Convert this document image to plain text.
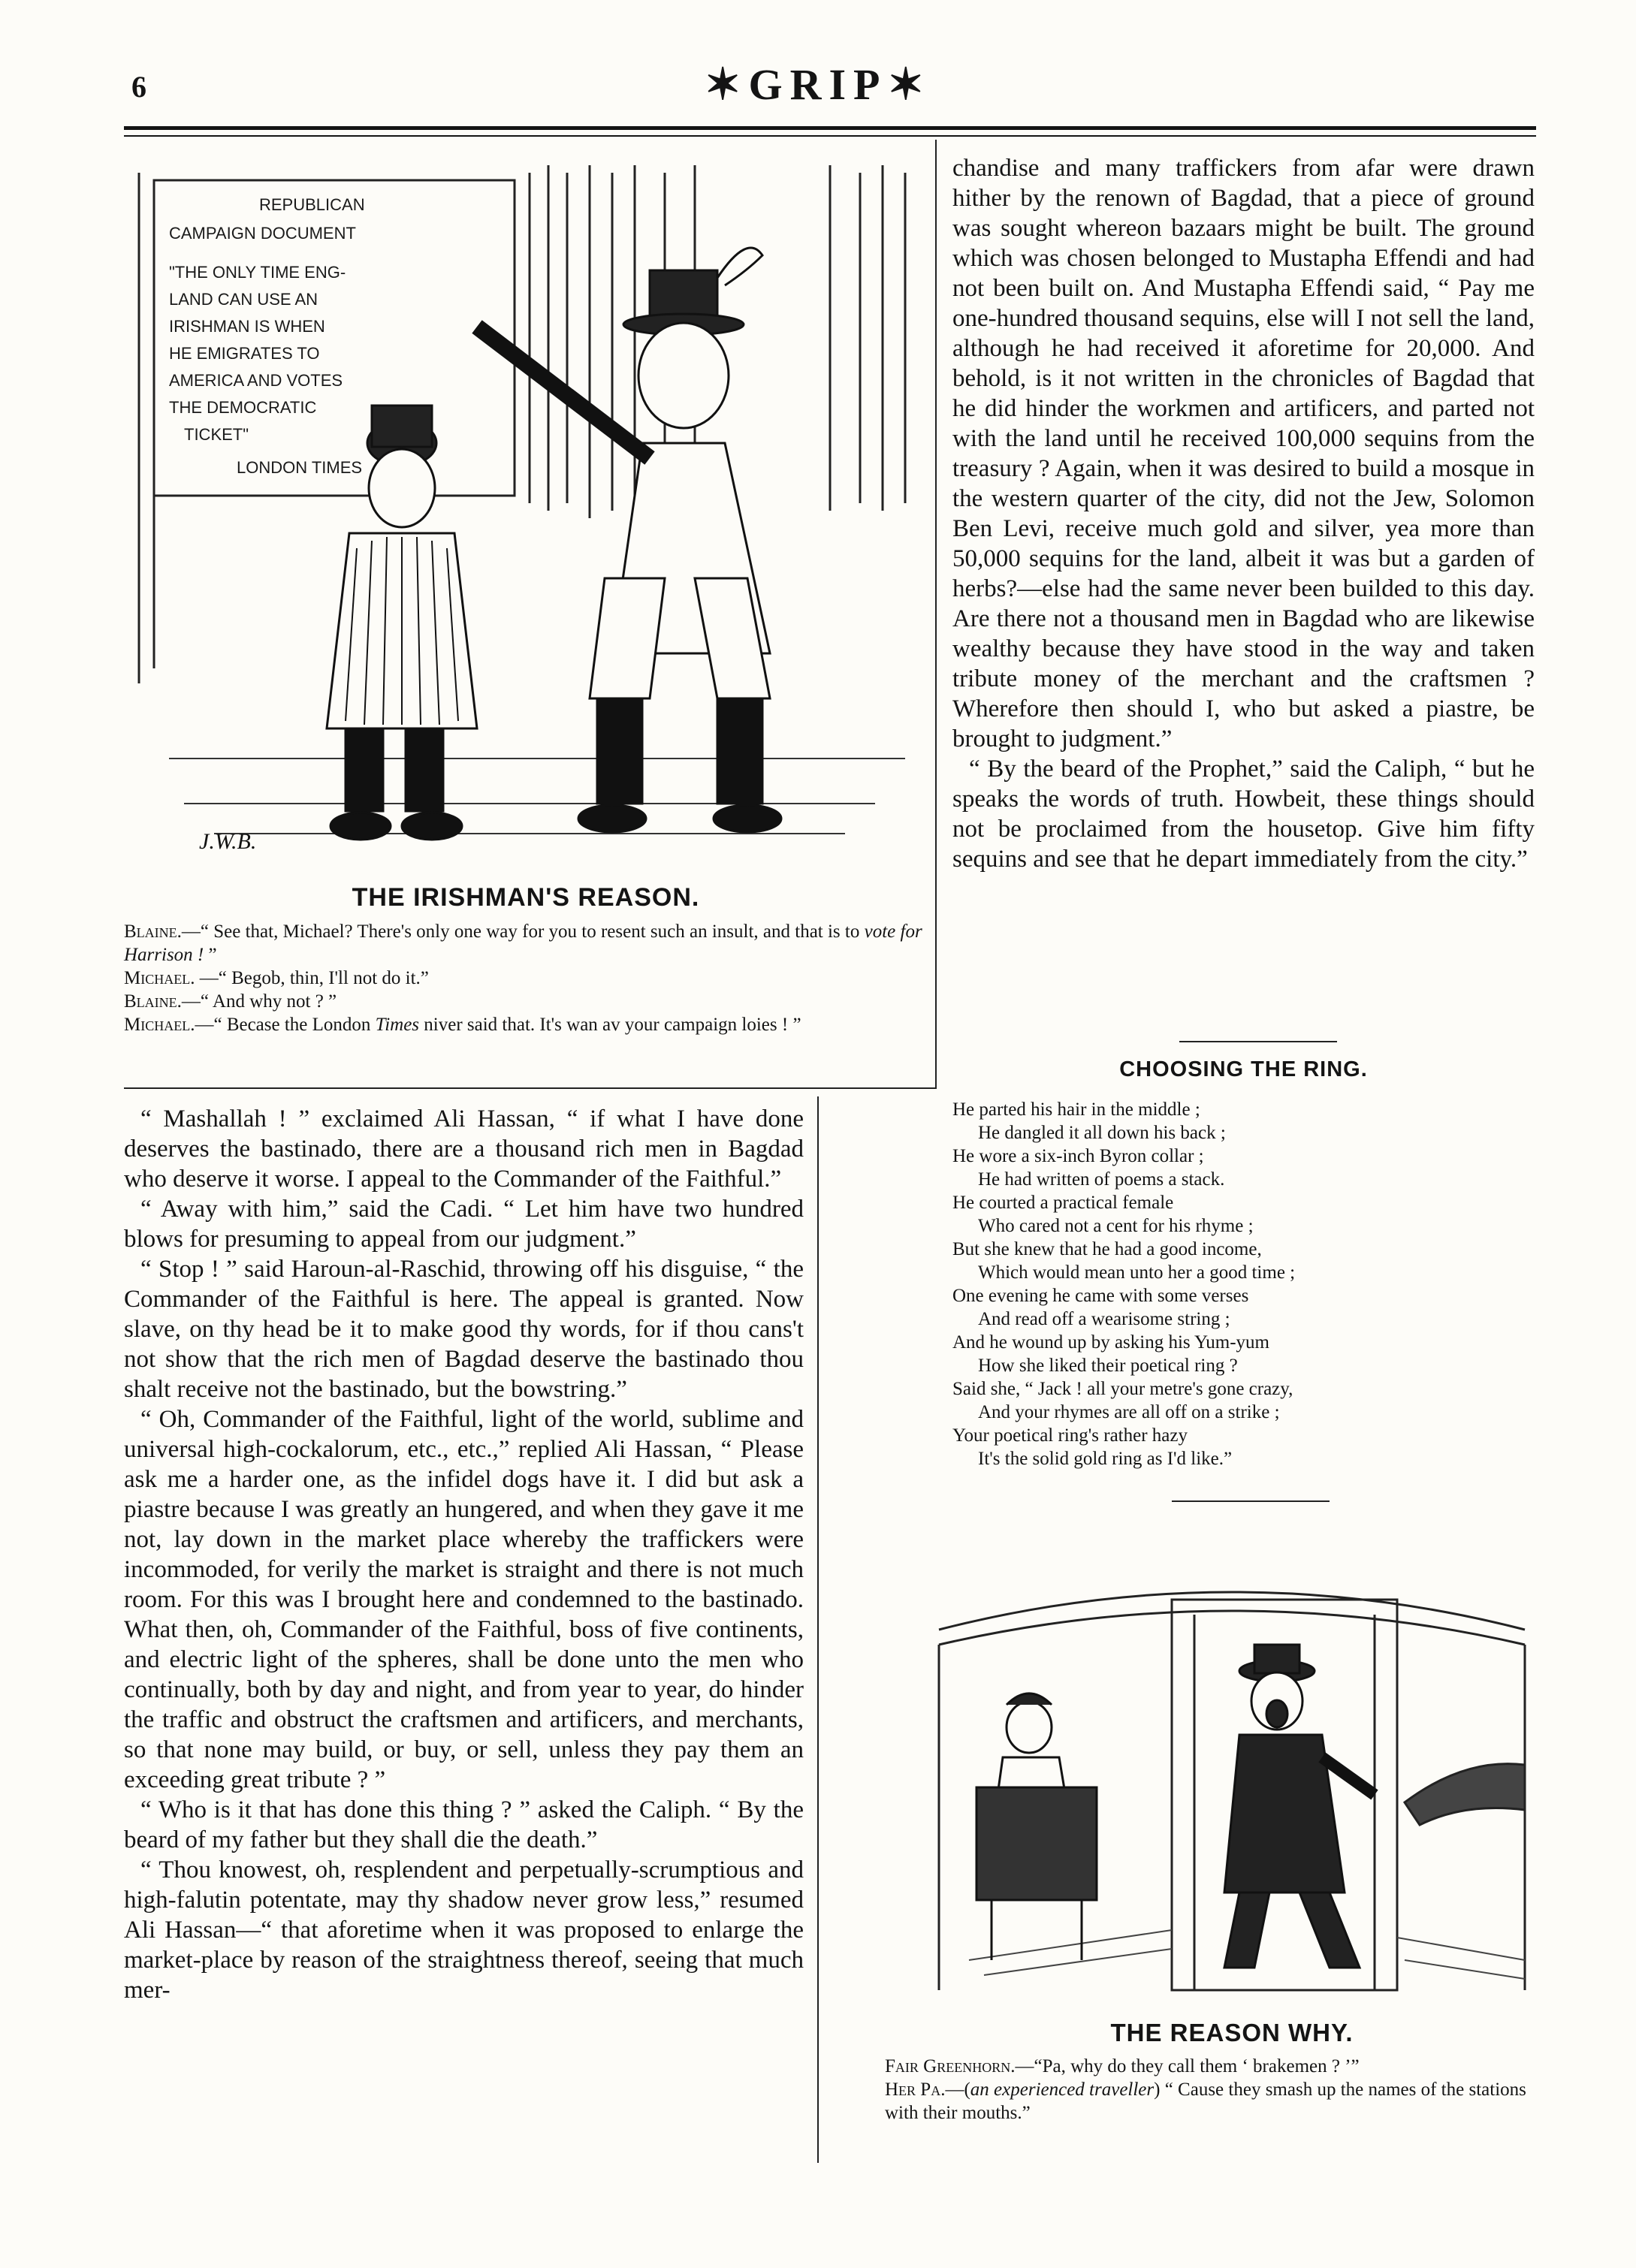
6	✶GRIP✶
REPUBLICAN
CAMPAIGN DOCUMENT
"THE ONLY TIME ENG-
LAND CAN USE AN
IRISHMAN IS WHEN
HE EMIGRATES TO
AMERICA AND VOTES
THE DEMOCRATIC
TICKET"
LONDON TIMES
J.W.B.
THE IRISHMAN'S REASON.

Blaine.—“ See that, Michael? There's only one way for you to resent such an insult, and that is to vote for Harrison ! ”

Michael. —“ Begob, thin, I'll not do it.”

Blaine.—“ And why not ? ”

Michael.—“ Becase the London Times niver said that. It's wan av your campaign loies ! ”

chandise and many traffickers from afar were drawn hither by the renown of Bagdad, that a piece of ground was sought whereon bazaars might be built. The ground which was chosen belonged to Mustapha Effendi and had not been built on. And Mustapha Effendi said, “ Pay me one-hundred thousand sequins, else will I not sell the land, although he had received it aforetime for 20,000. And behold, is it not written in the chronicles of Bagdad that he did hinder the workmen and artificers, and parted not with the land until he received 100,000 sequins from the treasury ? Again, when it was desired to build a mosque in the western quarter of the city, did not the Jew, Solomon Ben Levi, receive much gold and silver, yea more than 50,000 sequins for the land, albeit it was but a garden of herbs?—else had the same never been builded to this day. Are there not a thousand men in Bagdad who are likewise wealthy because they have stood in the way and taken tribute money of the merchant and the craftsmen ? Wherefore then should I, who but asked a piastre, be brought to judgment.”

“ By the beard of the Prophet,” said the Caliph, “ but he speaks the words of truth. Howbeit, these things should not be proclaimed from the housetop. Give him fifty sequins and see that he depart immediately from the city.”

CHOOSING THE RING.
He parted his hair in the middle ;
He dangled it all down his back ;
He wore a six-inch Byron collar ;
He had written of poems a stack.
He courted a practical female
Who cared not a cent for his rhyme ;
But she knew that he had a good income,
Which would mean unto her a good time ;
One evening he came with some verses
And read off a wearisome string ;
And he wound up by asking his Yum-yum
How she liked their poetical ring ?
Said she, “ Jack ! all your metre's gone crazy,
And your rhymes are all off on a strike ;
Your poetical ring's rather hazy
It's the solid gold ring as I'd like.”
THE REASON WHY.

Fair Greenhorn.—“Pa, why do they call them ‘ brakemen ? ’”

Her Pa.—(an experienced traveller) “ Cause they smash up the names of the stations with their mouths.”

“ Mashallah ! ” exclaimed Ali Hassan, “ if what I have done deserves the bastinado, there are a thousand rich men in Bagdad who deserve it worse. I appeal to the Commander of the Faithful.”

“ Away with him,” said the Cadi. “ Let him have two hundred blows for presuming to appeal from our judgment.”

“ Stop ! ” said Haroun-al-Raschid, throwing off his disguise, “ the Commander of the Faithful is here. The appeal is granted. Now slave, on thy head be it to make good thy words, for if thou cans't not show that the rich men of Bagdad deserve the bastinado thou shalt receive not the bastinado, but the bowstring.”

“ Oh, Commander of the Faithful, light of the world, sublime and universal high-cockalorum, etc., etc.,” replied Ali Hassan, “ Please ask me a harder one, as the infidel dogs have it. I did but ask a piastre because I was greatly an hungered, and when they gave it me not, lay down in the market place whereby the traffickers were incommoded, for verily the market is straight and there is not much room. For this was I brought here and condemned to the bastinado. What then, oh, Commander of the Faithful, boss of five continents, and electric light of the spheres, shall be done unto the men who continually, both by day and night, and from year to year, do hinder the traffic and obstruct the craftsmen and artificers, and merchants, so that none may build, or buy, or sell, unless they pay them an exceeding great tribute ? ”

“ Who is it that has done this thing ? ” asked the Caliph. “ By the beard of my father but they shall die the death.”

“ Thou knowest, oh, resplendent and perpetually-scrumptious and high-falutin potentate, may thy shadow never grow less,” resumed Ali Hassan—“ that aforetime when it was proposed to enlarge the market-place by reason of the straightness thereof, seeing that much mer-
